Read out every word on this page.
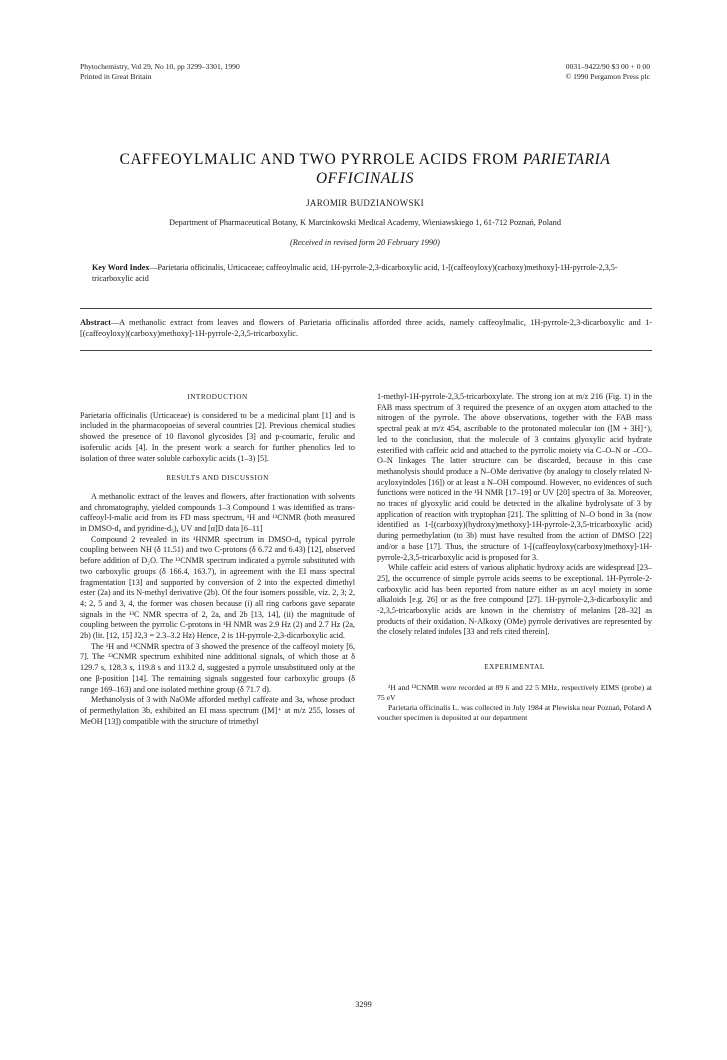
Phytochemistry, Vol 29, No 10, pp 3299–3301, 1990
Printed in Great Britain
0031–9422/90 $3 00 + 0 00
© 1990 Pergamon Press plc
CAFFEOYLMALIC AND TWO PYRROLE ACIDS FROM PARIETARIA
OFFICINALIS
JAROMIR BUDZIANOWSKI
Department of Pharmaceutical Botany, K Marcinkowski Medical Academy, Wieniawskiego 1, 61-712 Poznań, Poland
(Received in revised form 20 February 1990)
Key Word Index—Parietaria officinalis, Urticaceae; caffeoylmalic acid, 1H-pyrrole-2,3-dicarboxylic acid, 1-[(caffeoyloxy)(carboxy)methoxy]-1H-pyrrole-2,3,5-tricarboxylic acid
Abstract—A methanolic extract from leaves and flowers of Parietaria officinalis afforded three acids, namely caffeoylmalic, 1H-pyrrole-2,3-dicarboxylic and 1-[(caffeoyloxy)(carboxy)methoxy]-1H-pyrrole-2,3,5-tricarboxylic.
INTRODUCTION

Parietaria officinalis (Urticaceae) is considered to be a medicinal plant [1] and is included in the pharmacopoeias of several countries [2]. Previous chemical studies showed the presence of 10 flavonol glycosides [3] and p-coumaric, ferulic and isoferulic acids [4]. In the present work a search for further phenolics led to isolation of three water soluble carboxylic acids (1–3) [5].

RESULTS AND DISCUSSION

A methanolic extract of the leaves and flowers, after fractionation with solvents and chromatography, yielded compounds 1–3 Compound 1 was identified as trans-caffeoyl-l-malic acid from its FD mass spectrum, ¹H and ¹³CNMR (both measured in DMSO-d₆ and pyridine-d₅), UV and [α]D data [6–11]

Compound 2 revealed in its ¹HNMR spectrum in DMSO-d₆ typical pyrrole coupling between NH (δ 11.51) and two C-protons (δ 6.72 and 6.43) [12], observed before addition of D₂O. The ¹³CNMR spectrum indicated a pyrrole substituted with two carboxylic groups (δ 166.4, 163.7), in agreement with the EI mass spectral fragmentation [13] and supported by conversion of 2 into the expected dimethyl ester (2a) and its N-methyl derivative (2b). Of the four isomers possible, viz. 2, 3; 2, 4; 2, 5 and 3, 4, the former was chosen because (i) all ring carbons gave separate signals in the ¹³C NMR spectra of 2, 2a, and 2b [13, 14], (ii) the magnitude of coupling between the pyrrolic C-protons in ¹H NMR was 2.9 Hz (2) and 2.7 Hz (2a, 2b) (lit. [12, 15] J2,3 = 2.3–3.2 Hz) Hence, 2 is 1H-pyrrole-2,3-dicarboxylic acid.

The ¹H and ¹³CNMR spectra of 3 showed the presence of the caffeoyl moiety [6, 7]. The ¹³CNMR spectrum exhibited nine additional signals, of which those at δ 129.7 s, 128.3 s, 119.8 s and 113.2 d, suggested a pyrrole unsubstituted only at the one β-position [14]. The remaining signals suggested four carboxylic groups (δ range 169–163) and one isolated methine group (δ 71.7 d).

Methanolysis of 3 with NaOMe afforded methyl caffeate and 3a, whose product of permethylation 3b, exhibited an EI mass spectrum ([M]⁺ at m/z 255, losses of MeOH [13]) compatible with the structure of trimethyl

1-methyl-1H-pyrrole-2,3,5-tricarboxylate. The strong ion at m/z 216 (Fig. 1) in the FAB mass spectrum of 3 required the presence of an oxygen atom attached to the nitrogen of the pyrrole. The above observations, together with the FAB mass spectral peak at m/z 454, ascribable to the protonated molecular ion ([M + 3H]⁺), led to the conclusion, that the molecule of 3 contains glyoxylic acid hydrate esterified with caffeic acid and attached to the pyrrolic moiety via C–O–N or –CO–O–N linkages The latter structure can be discarded, because in this case methanolysis should produce a N–OMe derivative (by analogy to closely related N-acyloxyindoles [16]) or at least a N–OH compound. However, no evidences of such functions were noticed in the ¹H NMR [17–19] or UV [20] spectra of 3a. Moreover, no traces of glyoxylic acid could be detected in the alkaline hydrolysate of 3 by application of reaction with tryptophan [21]. The splitting of N–O bond in 3a (now identified as 1-[(carboxy)(hydroxy)methoxy]-1H-pyrrole-2,3,5-tricarboxylic acid) during permethylation (to 3b) must have resulted from the action of DMSO [22] and/or a base [17]. Thus, the structure of 1-[(caffeoyloxy(carboxy)methoxy]-1H- pyrrole-2,3,5-tricarboxylic acid is proposed for 3.

While caffeic acid esters of various aliphatic hydroxy acids are widespread [23–25], the occurrence of simple pyrrole acids seems to be exceptional. 1H-Pyrrole-2-carboxylic acid has been reported from nature either as an acyl moiety in some alkaloids [e.g. 26] or as the free compound [27]. 1H-pyrrole-2,3-dicarboxylic and -2,3,5-tricarboxylic acids are known in the chemistry of melanins [28–32] as products of their oxidation. N-Alkoxy (OMe) pyrrole derivatives are represented by the closely related indoles [33 and refs cited therein].

EXPERIMENTAL

¹H and ¹³CNMR were recorded at 89 6 and 22 5 MHz, respectively EIMS (probe) at 75 eV

Parietaria officinalis L. was collected in July 1984 at Plewiska near Poznań, Poland A voucher specimen is deposited at our department

3299
